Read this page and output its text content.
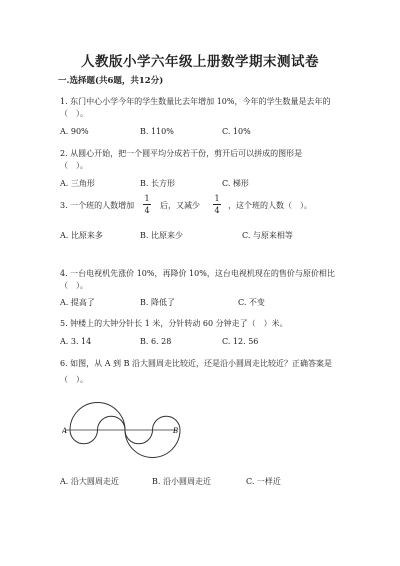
人教版小学六年级上册数学期末测试卷
一.选择题(共6题，共12分)
1. 东门中心小学今年的学生数量比去年增加 10%，今年的学生数量是去年的
（　）。
A. 90%	B. 110%	C. 10%
2. 从圆心开始，把一个圆平均分成若干份，剪开后可以拼成的图形是
（　）。
A. 三角形	B. 长方形	C. 梯形
3. 一个班的人数增加 $\frac{1}{4}$ 后，又减少 $\frac{1}{4}$ ，这个班的人数（　）。
A. 比原来多	B. 比原来少	C. 与原来相等
4. 一台电视机先涨价 10%，再降价 10%，这台电视机现在的售价与原价相比
（　）。
A. 提高了	B. 降低了	C. 不变
5. 钟楼上的大钟分针长 1 米，分针转动 60 分钟走了（　）米。
A. 3. 14	B. 6. 28	C. 12. 56
6. 如图，从 A 到 B 沿大圆周走比较近，还是沿小圆周走比较近？正确答案是
（　）。
A	B
A. 沿大圆周走近	B. 沿小圆周走近	C. 一样近
